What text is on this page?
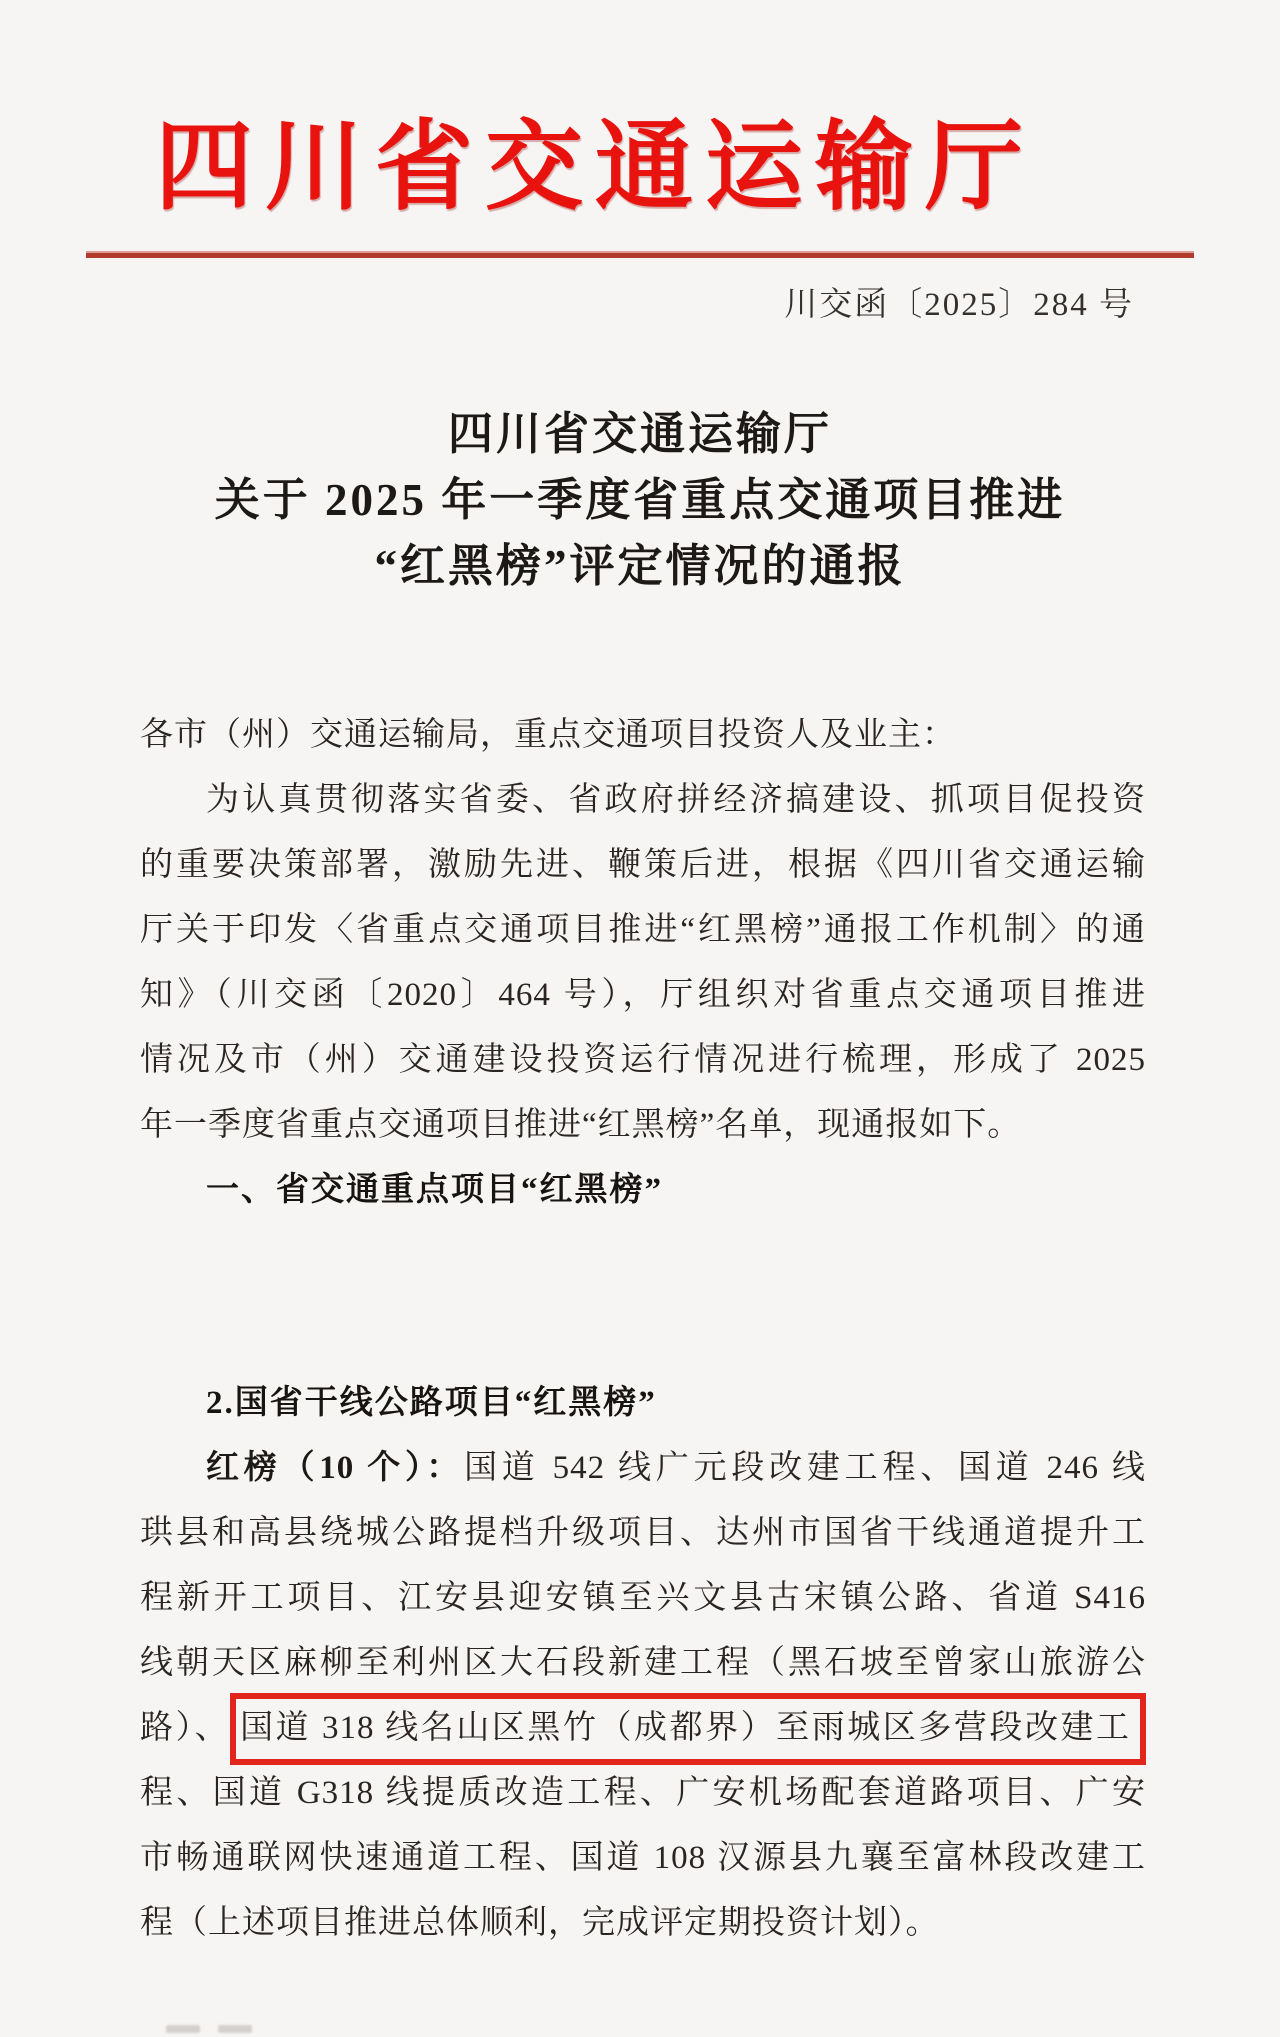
四川省交通运输厅
川交函〔2025〕284 号
四川省交通运输厅
关于 2025 年一季度省重点交通项目推进
“红黑榜”评定情况的通报
各市（州）交通运输局，重点交通项目投资人及业主：
为认真贯彻落实省委、省政府拼经济搞建设、抓项目促投资
的重要决策部署，激励先进、鞭策后进，根据《四川省交通运输
厅关于印发〈省重点交通项目推进“红黑榜”通报工作机制〉的通
知》（川交函〔2020〕464 号），厅组织对省重点交通项目推进
情况及市（州）交通建设投资运行情况进行梳理，形成了 2025
年一季度省重点交通项目推进“红黑榜”名单，现通报如下。
一、省交通重点项目“红黑榜”
2.国省干线公路项目“红黑榜”
红榜（10 个）：国道 542 线广元段改建工程、国道 246 线
珙县和高县绕城公路提档升级项目、达州市国省干线通道提升工
程新开工项目、江安县迎安镇至兴文县古宋镇公路、省道 S416
线朝天区麻柳至利州区大石段新建工程（黑石坡至曾家山旅游公
路）、 国道 318 线名山区黑竹（成都界）至雨城区多营段改建工
程、国道 G318 线提质改造工程、广安机场配套道路项目、广安
市畅通联网快速通道工程、国道 108 汉源县九襄至富林段改建工
程（上述项目推进总体顺利，完成评定期投资计划）。
